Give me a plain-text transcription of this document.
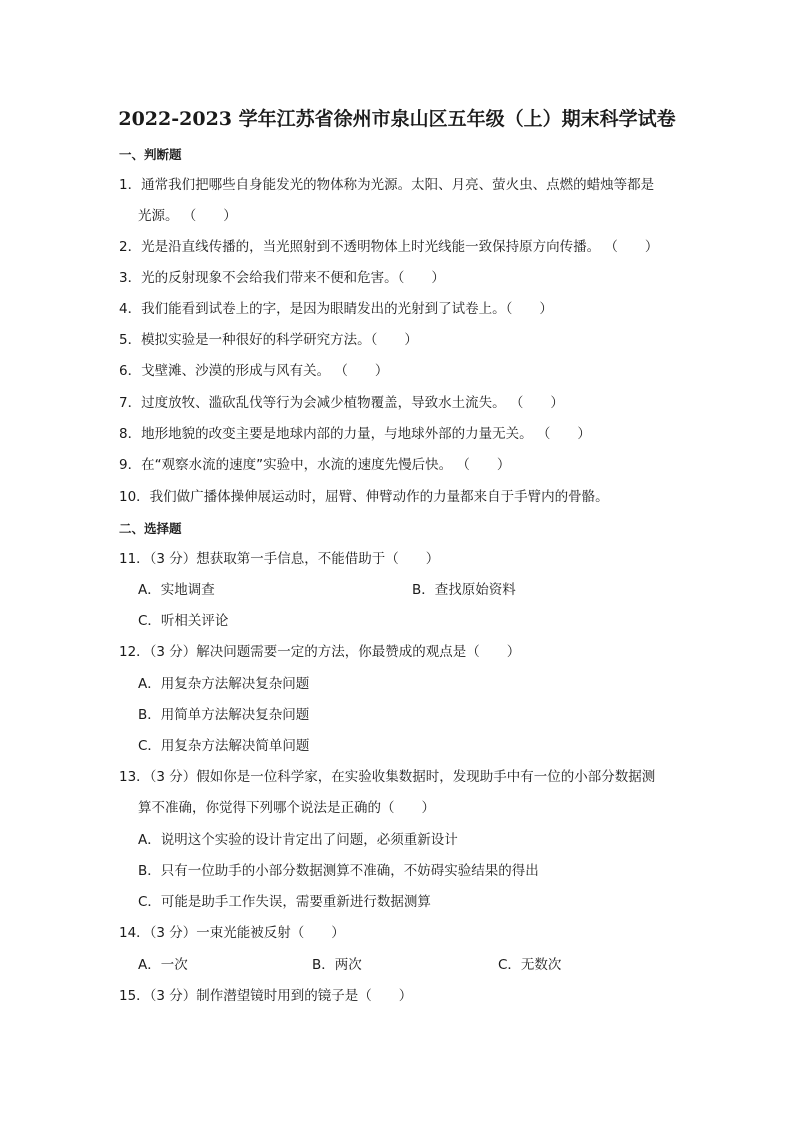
2022-2023 学年江苏省徐州市泉山区五年级（上）期末科学试卷
一、判断题
1．通常我们把哪些自身能发光的物体称为光源。太阳、月亮、萤火虫、点燃的蜡烛等都是
光源。 （　　）
2．光是沿直线传播的，当光照射到不透明物体上时光线能一致保持原方向传播。 （　　）
3．光的反射现象不会给我们带来不便和危害。（　　）
4．我们能看到试卷上的字，是因为眼睛发出的光射到了试卷上。（　　）
5．模拟实验是一种很好的科学研究方法。（　　）
6．戈壁滩、沙漠的形成与风有关。 （　　）
7．过度放牧、滥砍乱伐等行为会减少植物覆盖，导致水土流失。 （　　）
8．地形地貌的改变主要是地球内部的力量，与地球外部的力量无关。 （　　）
9．在“观察水流的速度”实验中，水流的速度先慢后快。 （　　）
10．我们做广播体操伸展运动时，屈臂、伸臂动作的力量都来自于手臂内的骨骼。
二、选择题
11．（3 分）想获取第一手信息，不能借助于（　　）
A．实地调查	B．查找原始资料
C．听相关评论
12．（3 分）解决问题需要一定的方法，你最赞成的观点是（　　）
A．用复杂方法解决复杂问题
B．用简单方法解决复杂问题
C．用复杂方法解决简单问题
13．（3 分）假如你是一位科学家，在实验收集数据时，发现助手中有一位的小部分数据测
算不准确，你觉得下列哪个说法是正确的（　　）
A．说明这个实验的设计肯定出了问题，必须重新设计
B．只有一位助手的小部分数据测算不准确，不妨碍实验结果的得出
C．可能是助手工作失误，需要重新进行数据测算
14．（3 分）一束光能被反射（　　）
A．一次	B．两次	C．无数次
15．（3 分）制作潜望镜时用到的镜子是（　　）
